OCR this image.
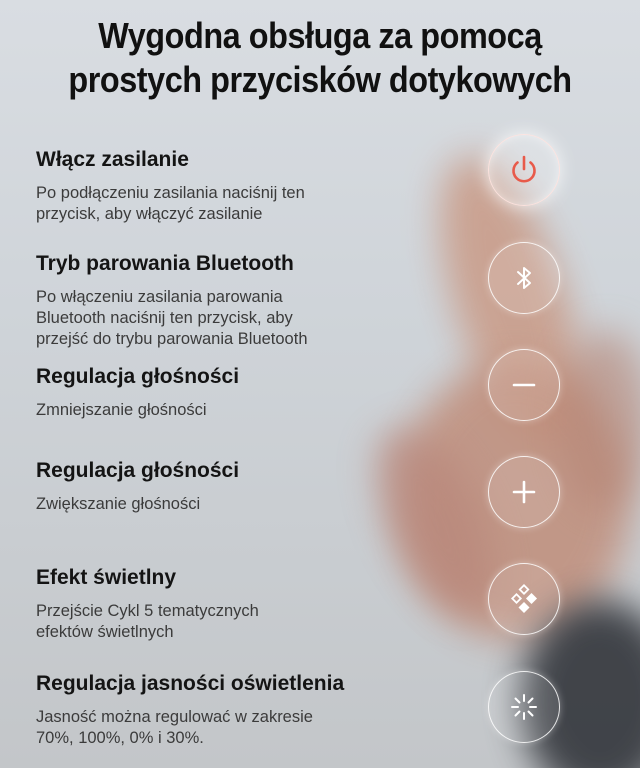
Wygodna obsługa za pomocą
prostych przycisków dotykowych
Włącz zasilanie

Po podłączeniu zasilania naciśnij ten
przycisk, aby włączyć zasilanie

Tryb parowania Bluetooth

Po włączeniu zasilania parowania
Bluetooth naciśnij ten przycisk, aby
przejść do trybu parowania Bluetooth

Regulacja głośności

Zmniejszanie głośności

Regulacja głośności

Zwiększanie głośności

Efekt świetlny

Przejście Cykl 5 tematycznych
efektów świetlnych

Regulacja jasności oświetlenia

Jasność można regulować w zakresie
70%, 100%, 0% i 30%.
